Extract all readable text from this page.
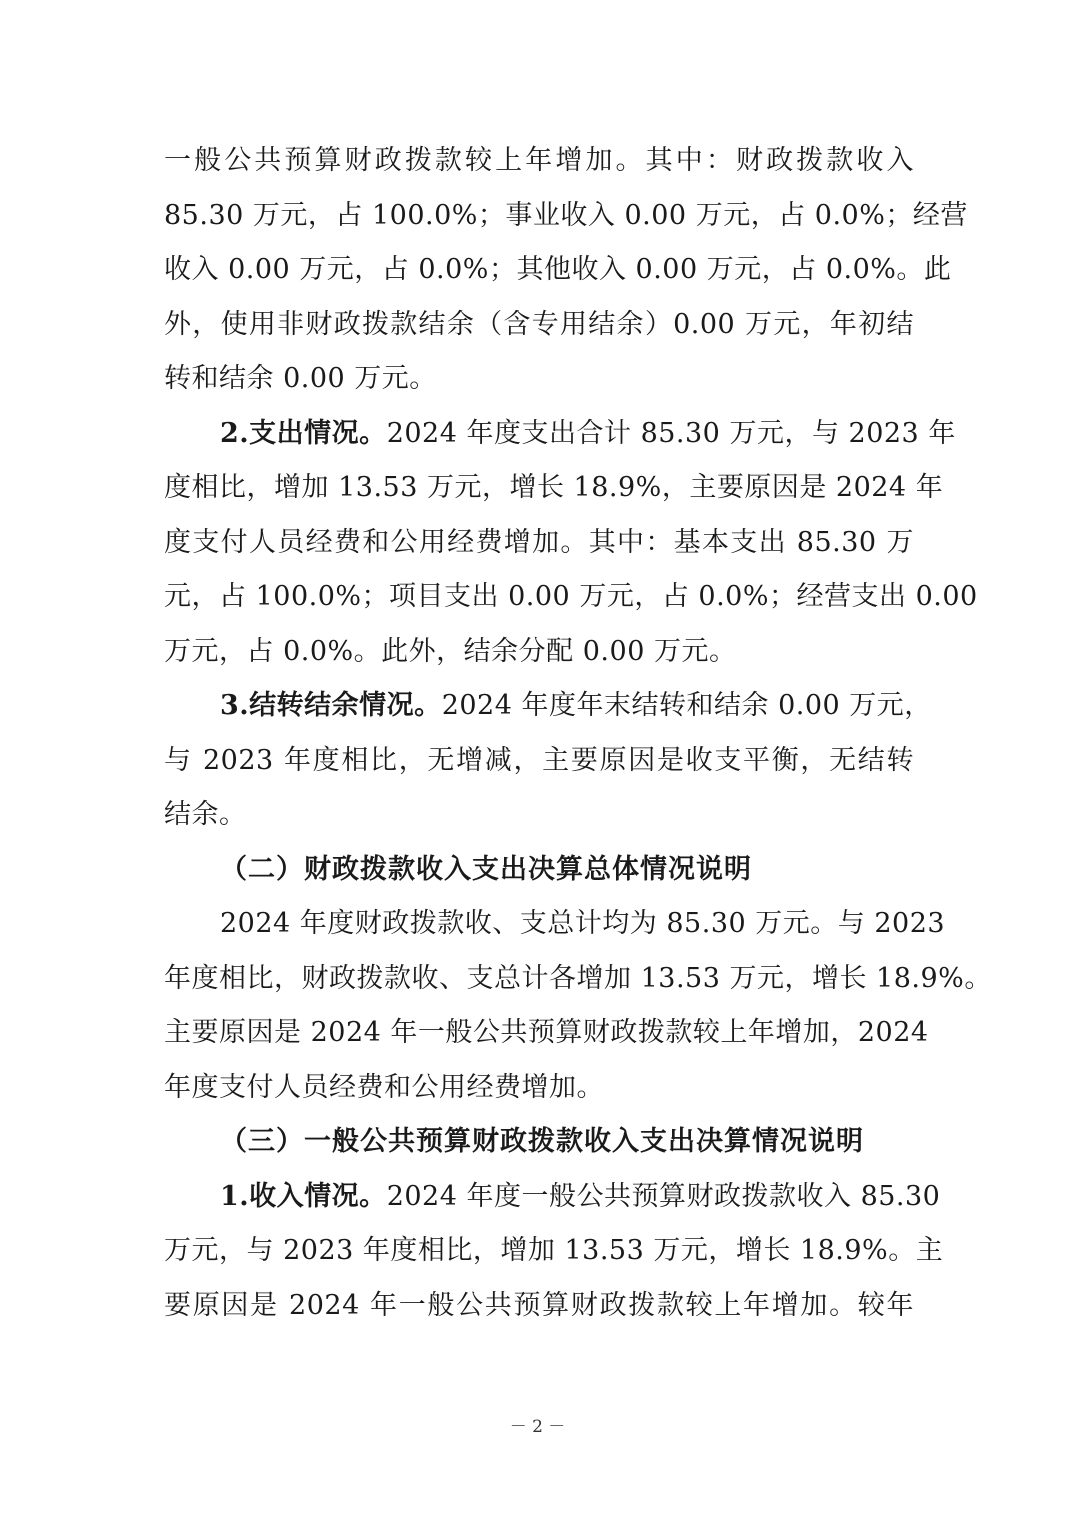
一般公共预算财政拨款较上年增加。其中：财政拨款收入
85.30 万元，占 100.0%；事业收入 0.00 万元，占 0.0%；经营
收入 0.00 万元，占 0.0%；其他收入 0.00 万元，占 0.0%。此
外，使用非财政拨款结余（含专用结余）0.00 万元，年初结
转和结余 0.00 万元。
2.支出情况。2024 年度支出合计 85.30 万元，与 2023 年
度相比，增加 13.53 万元，增长 18.9%，主要原因是 2024 年
度支付人员经费和公用经费增加。其中：基本支出 85.30 万
元，占 100.0%；项目支出 0.00 万元，占 0.0%；经营支出 0.00
万元，占 0.0%。此外，结余分配 0.00 万元。
3.结转结余情况。2024 年度年末结转和结余 0.00 万元，
与 2023 年度相比，无增减，主要原因是收支平衡，无结转
结余。
（二）财政拨款收入支出决算总体情况说明
2024 年度财政拨款收、支总计均为 85.30 万元。与 2023
年度相比，财政拨款收、支总计各增加 13.53 万元，增长 18.9%。
主要原因是 2024 年一般公共预算财政拨款较上年增加，2024
年度支付人员经费和公用经费增加。
（三）一般公共预算财政拨款收入支出决算情况说明
1.收入情况。2024 年度一般公共预算财政拨款收入 85.30
万元，与 2023 年度相比，增加 13.53 万元，增长 18.9%。主
要原因是 2024 年一般公共预算财政拨款较上年增加。较年
－ 2 －
